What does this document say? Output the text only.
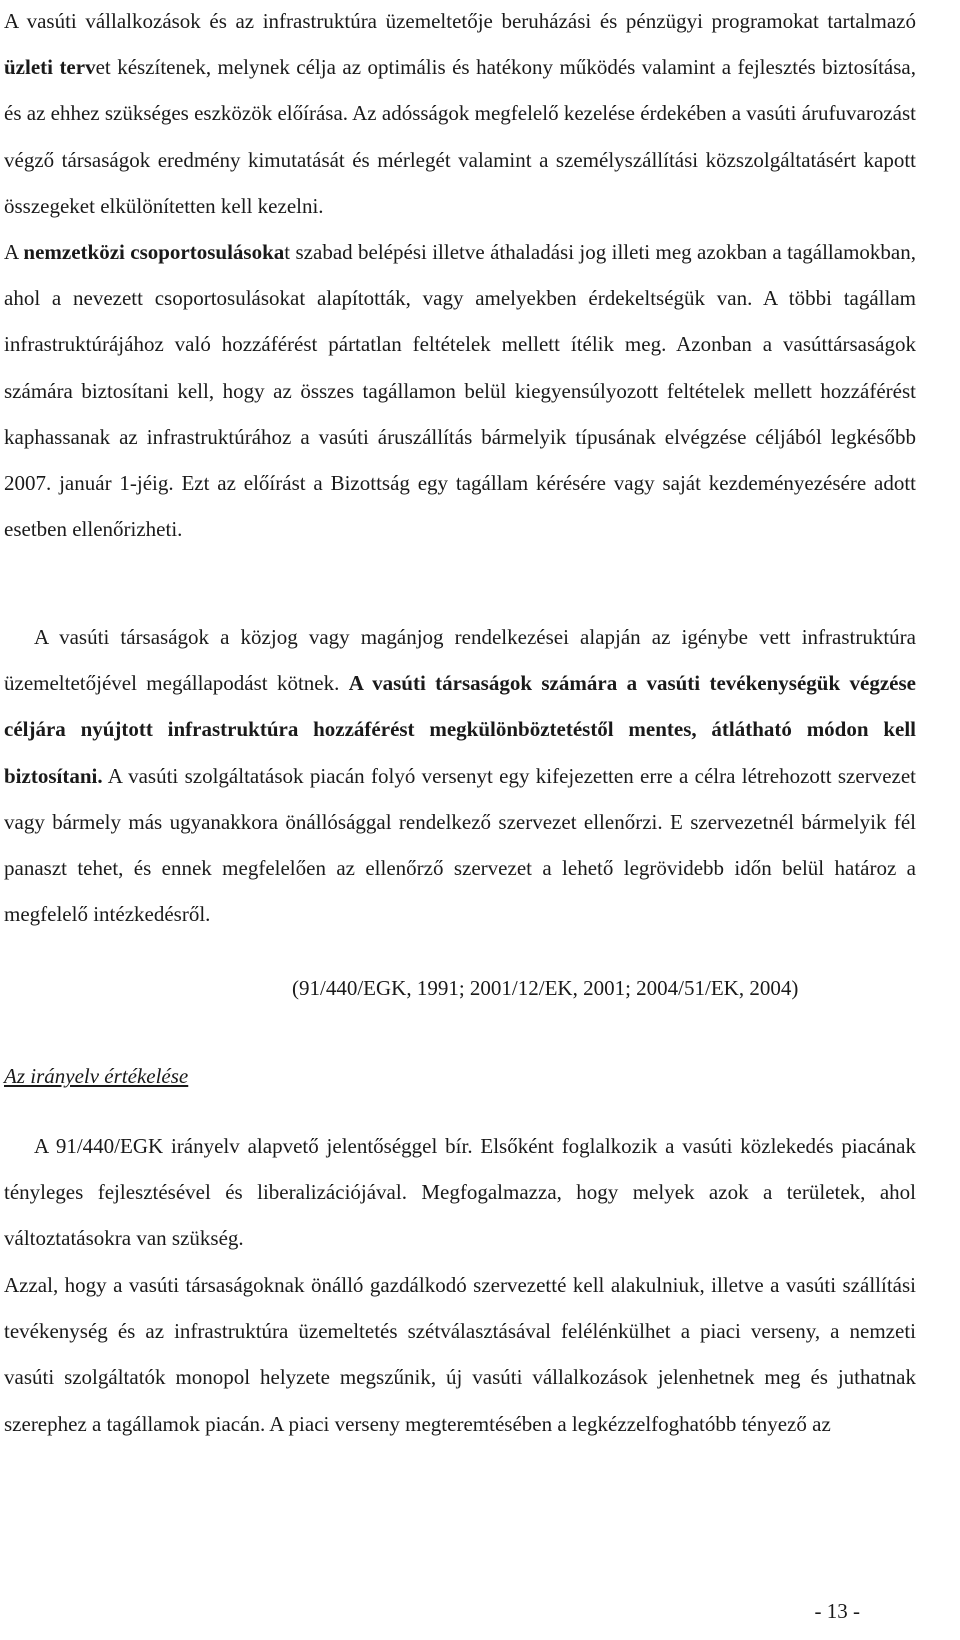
A vasúti vállalkozások és az infrastruktúra üzemeltetője beruházási és pénzügyi programokat tartalmazó üzleti tervet készítenek, melynek célja az optimális és hatékony működés valamint a fejlesztés biztosítása, és az ehhez szükséges eszközök előírása. Az adósságok megfelelő kezelése érdekében a vasúti árufuvarozást végző társaságok eredmény kimutatását és mérlegét valamint a személyszállítási közszolgáltatásért kapott összegeket elkülönítetten kell kezelni.

A nemzetközi csoportosulásokat szabad belépési illetve áthaladási jog illeti meg azokban a tagállamokban, ahol a nevezett csoportosulásokat alapították, vagy amelyekben érdekeltségük van. A többi tagállam infrastruktúrájához való hozzáférést pártatlan feltételek mellett ítélik meg. Azonban a vasúttársaságok számára biztosítani kell, hogy az összes tagállamon belül kiegyensúlyozott feltételek mellett hozzáférést kaphassanak az infrastruktúrához a vasúti áruszállítás bármelyik típusának elvégzése céljából legkésőbb 2007. január 1-jéig. Ezt az előírást a Bizottság egy tagállam kérésére vagy saját kezdeményezésére adott esetben ellenőrizheti.

A vasúti társaságok a közjog vagy magánjog rendelkezései alapján az igénybe vett infrastruktúra üzemeltetőjével megállapodást kötnek. A vasúti társaságok számára a vasúti tevékenységük végzése céljára nyújtott infrastruktúra hozzáférést megkülönböztetéstől mentes, átlátható módon kell biztosítani. A vasúti szolgáltatások piacán folyó versenyt egy kifejezetten erre a célra létrehozott szervezet vagy bármely más ugyanakkora önállósággal rendelkező szervezet ellenőrzi. E szervezetnél bármelyik fél panaszt tehet, és ennek megfelelően az ellenőrző szervezet a lehető legrövidebb időn belül határoz a megfelelő intézkedésről.

(91/440/EGK, 1991; 2001/12/EK, 2001; 2004/51/EK, 2004)

Az irányelv értékelése

A 91/440/EGK irányelv alapvető jelentőséggel bír. Elsőként foglalkozik a vasúti közlekedés piacának tényleges fejlesztésével és liberalizációjával. Megfogalmazza, hogy melyek azok a területek, ahol változtatásokra van szükség.

Azzal, hogy a vasúti társaságoknak önálló gazdálkodó szervezetté kell alakulniuk, illetve a vasúti szállítási tevékenység és az infrastruktúra üzemeltetés szétválasztásával felélénkülhet a piaci verseny, a nemzeti vasúti szolgáltatók monopol helyzete megszűnik, új vasúti vállalkozások jelenhetnek meg és juthatnak szerephez a tagállamok piacán. A piaci verseny megteremtésében a legkézzelfoghatóbb tényező az

- 13 -
